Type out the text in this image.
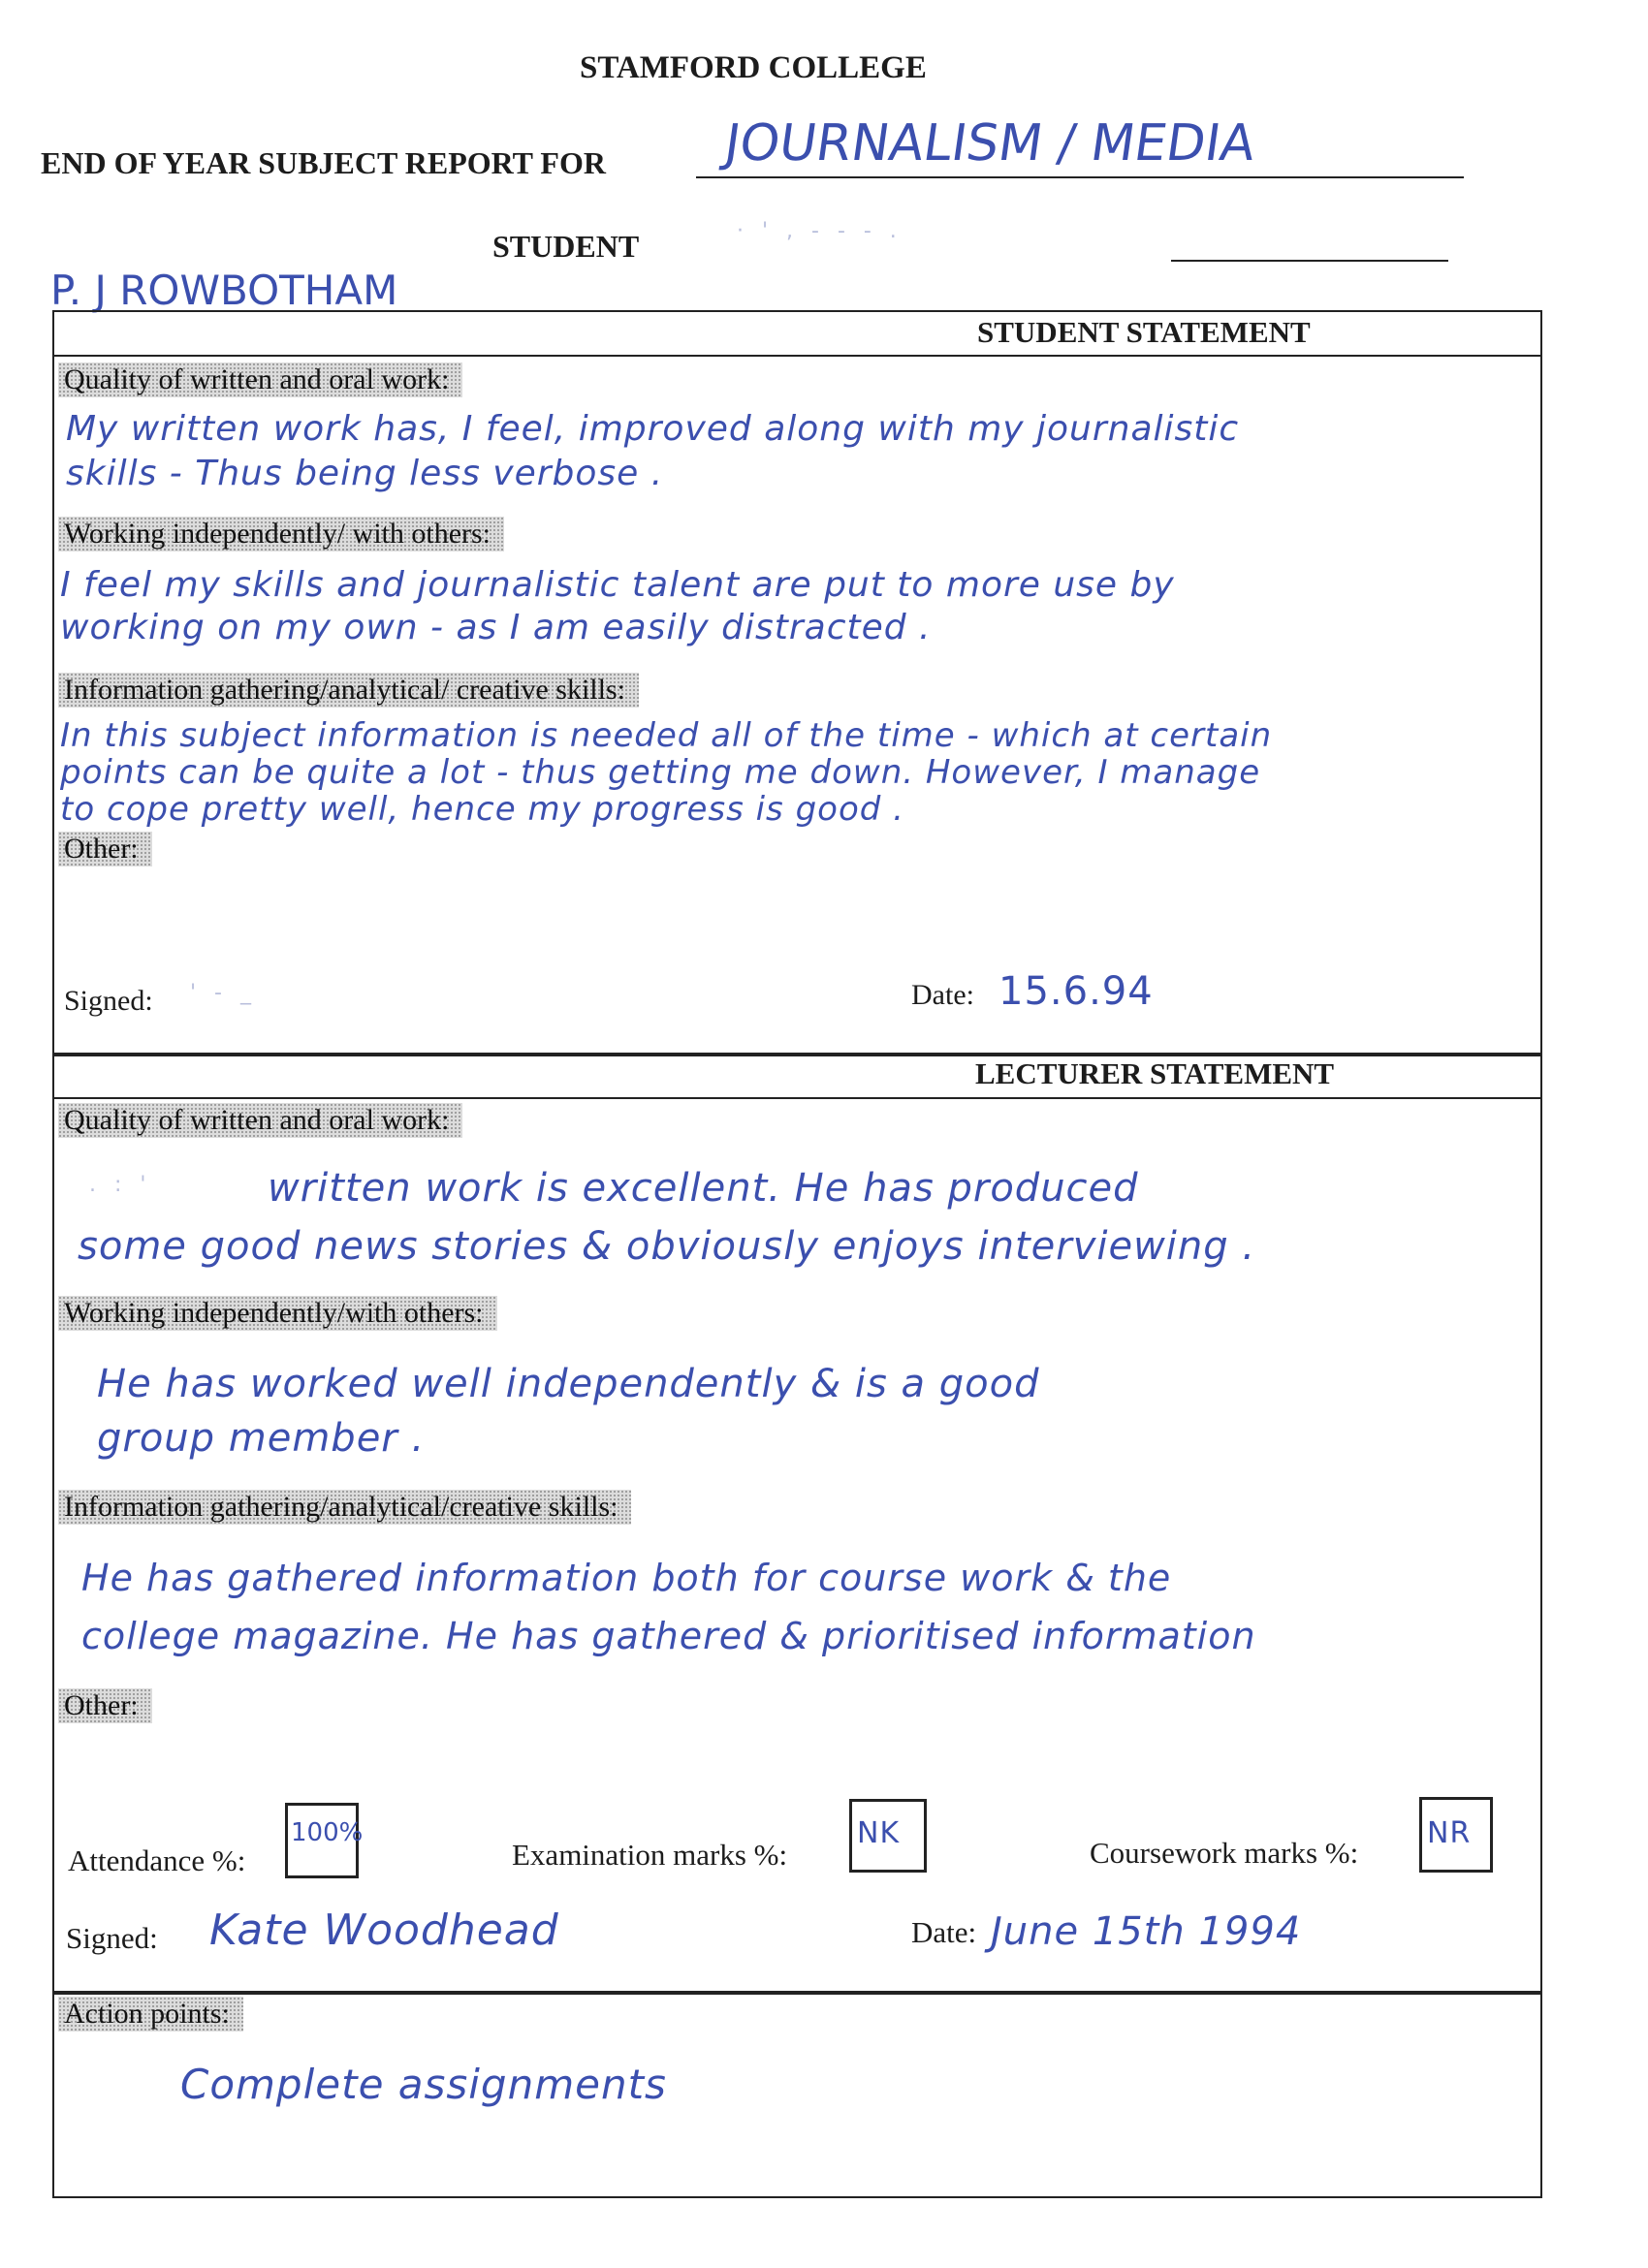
STAMFORD COLLEGE
END OF YEAR SUBJECT REPORT FOR JOURNALISM / MEDIA
STUDENT	· ' , - - - .
P. J ROWBOTHAM
STUDENT STATEMENT
Quality of written and oral work:
My written work has, I feel, improved along with my journalistic
skills - Thus being less verbose .
Working independently/ with others:
I feel my skills and journalistic talent are put to more use by
working on my own - as I am easily distracted .
Information gathering/analytical/ creative skills:
In this subject information is needed all of the time - which at certain
points can be quite a lot - thus getting me down. However, I manage
to cope pretty well, hence my progress is good .
Other:
Signed: ' - _	Date: 15.6.94
LECTURER STATEMENT
Quality of written and oral work:
. : '	written work is excellent. He has produced
some good news stories & obviously enjoys interviewing .
Working independently/with others:
He has worked well independently & is a good
group member .
Information gathering/analytical/creative skills:
He has gathered information both for course work & the
college magazine. He has gathered & prioritised information
Other:
Attendance %:
100%
Examination marks %:
NK
Coursework marks %:
NR
Signed: Kate Woodhead	Date: June 15th 1994
Action points:
Complete assignments
